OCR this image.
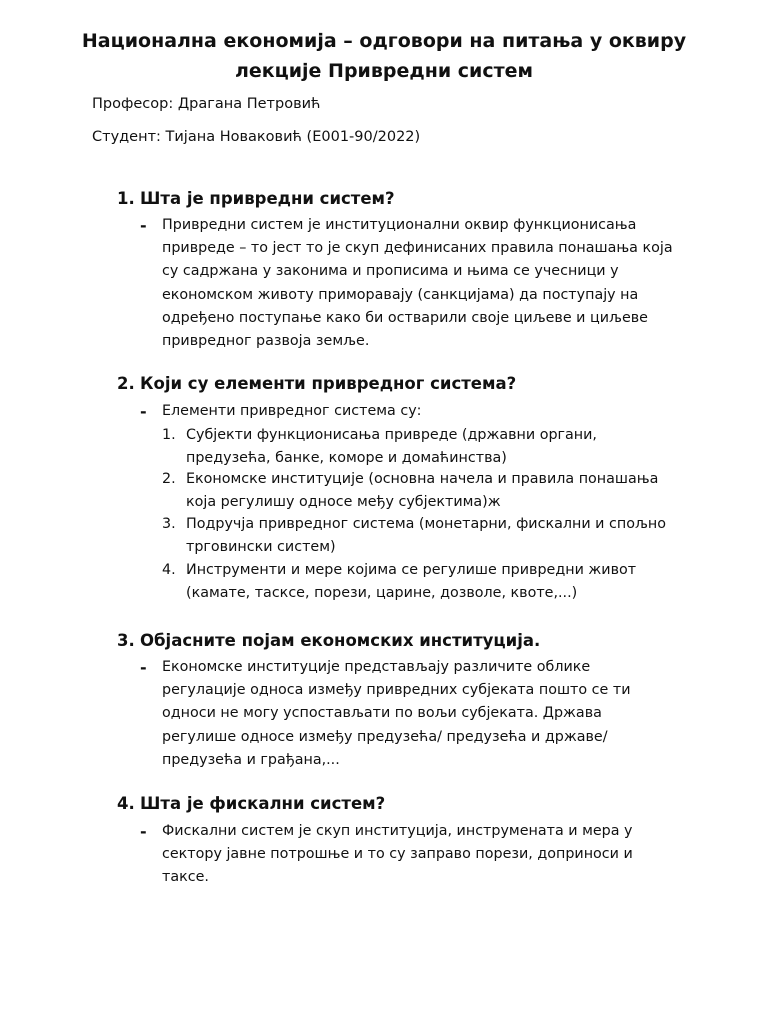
Национална економија – одговори на питања у оквиру
лекције Привредни систем
Професор: Драгана Петровић
Студент: Тијана Новаковић (Е001-90/2022)
1. Шта је привредни систем?
- Привредни систем је институционални оквир функционисања
привреде – то јест то је скуп дефинисаних правила понашања која
су садржана у законима и прописима и њима се учесници у
економском животу приморавају (санкцијама) да поступају на
одређено поступање како би остварили своје циљеве и циљеве
привредног развоја земље.
2. Који су елементи привредног система?
- Елементи привредног система су:
1. Субјекти функционисања привреде (државни органи,
предузећа, банке, коморе и домаћинства)
2. Економске институције (основна начела и правила понашања
која регулишу односе међу субјектима)ж
3. Подручја привредног система (монетарни, фискални и спољно
трговински систем)
4. Инструменти и мере којима се регулише привредни живот
(камате, тасксе, порези, царине, дозволе, квоте,...)
3. Објасните појам економских институција.
- Економске институције представљају различите облике
регулације односа између привредних субјеката пошто се ти
односи не могу успостављати по вољи субјеката. Држава
регулише односе између предузећа/ предузећа и државе/
предузећа и грађана,...
4. Шта је фискални систем?
- Фискални систем је скуп институција, инструмената и мера у
сектору јавне потрошње и то су заправо порези, доприноси и
таксе.
